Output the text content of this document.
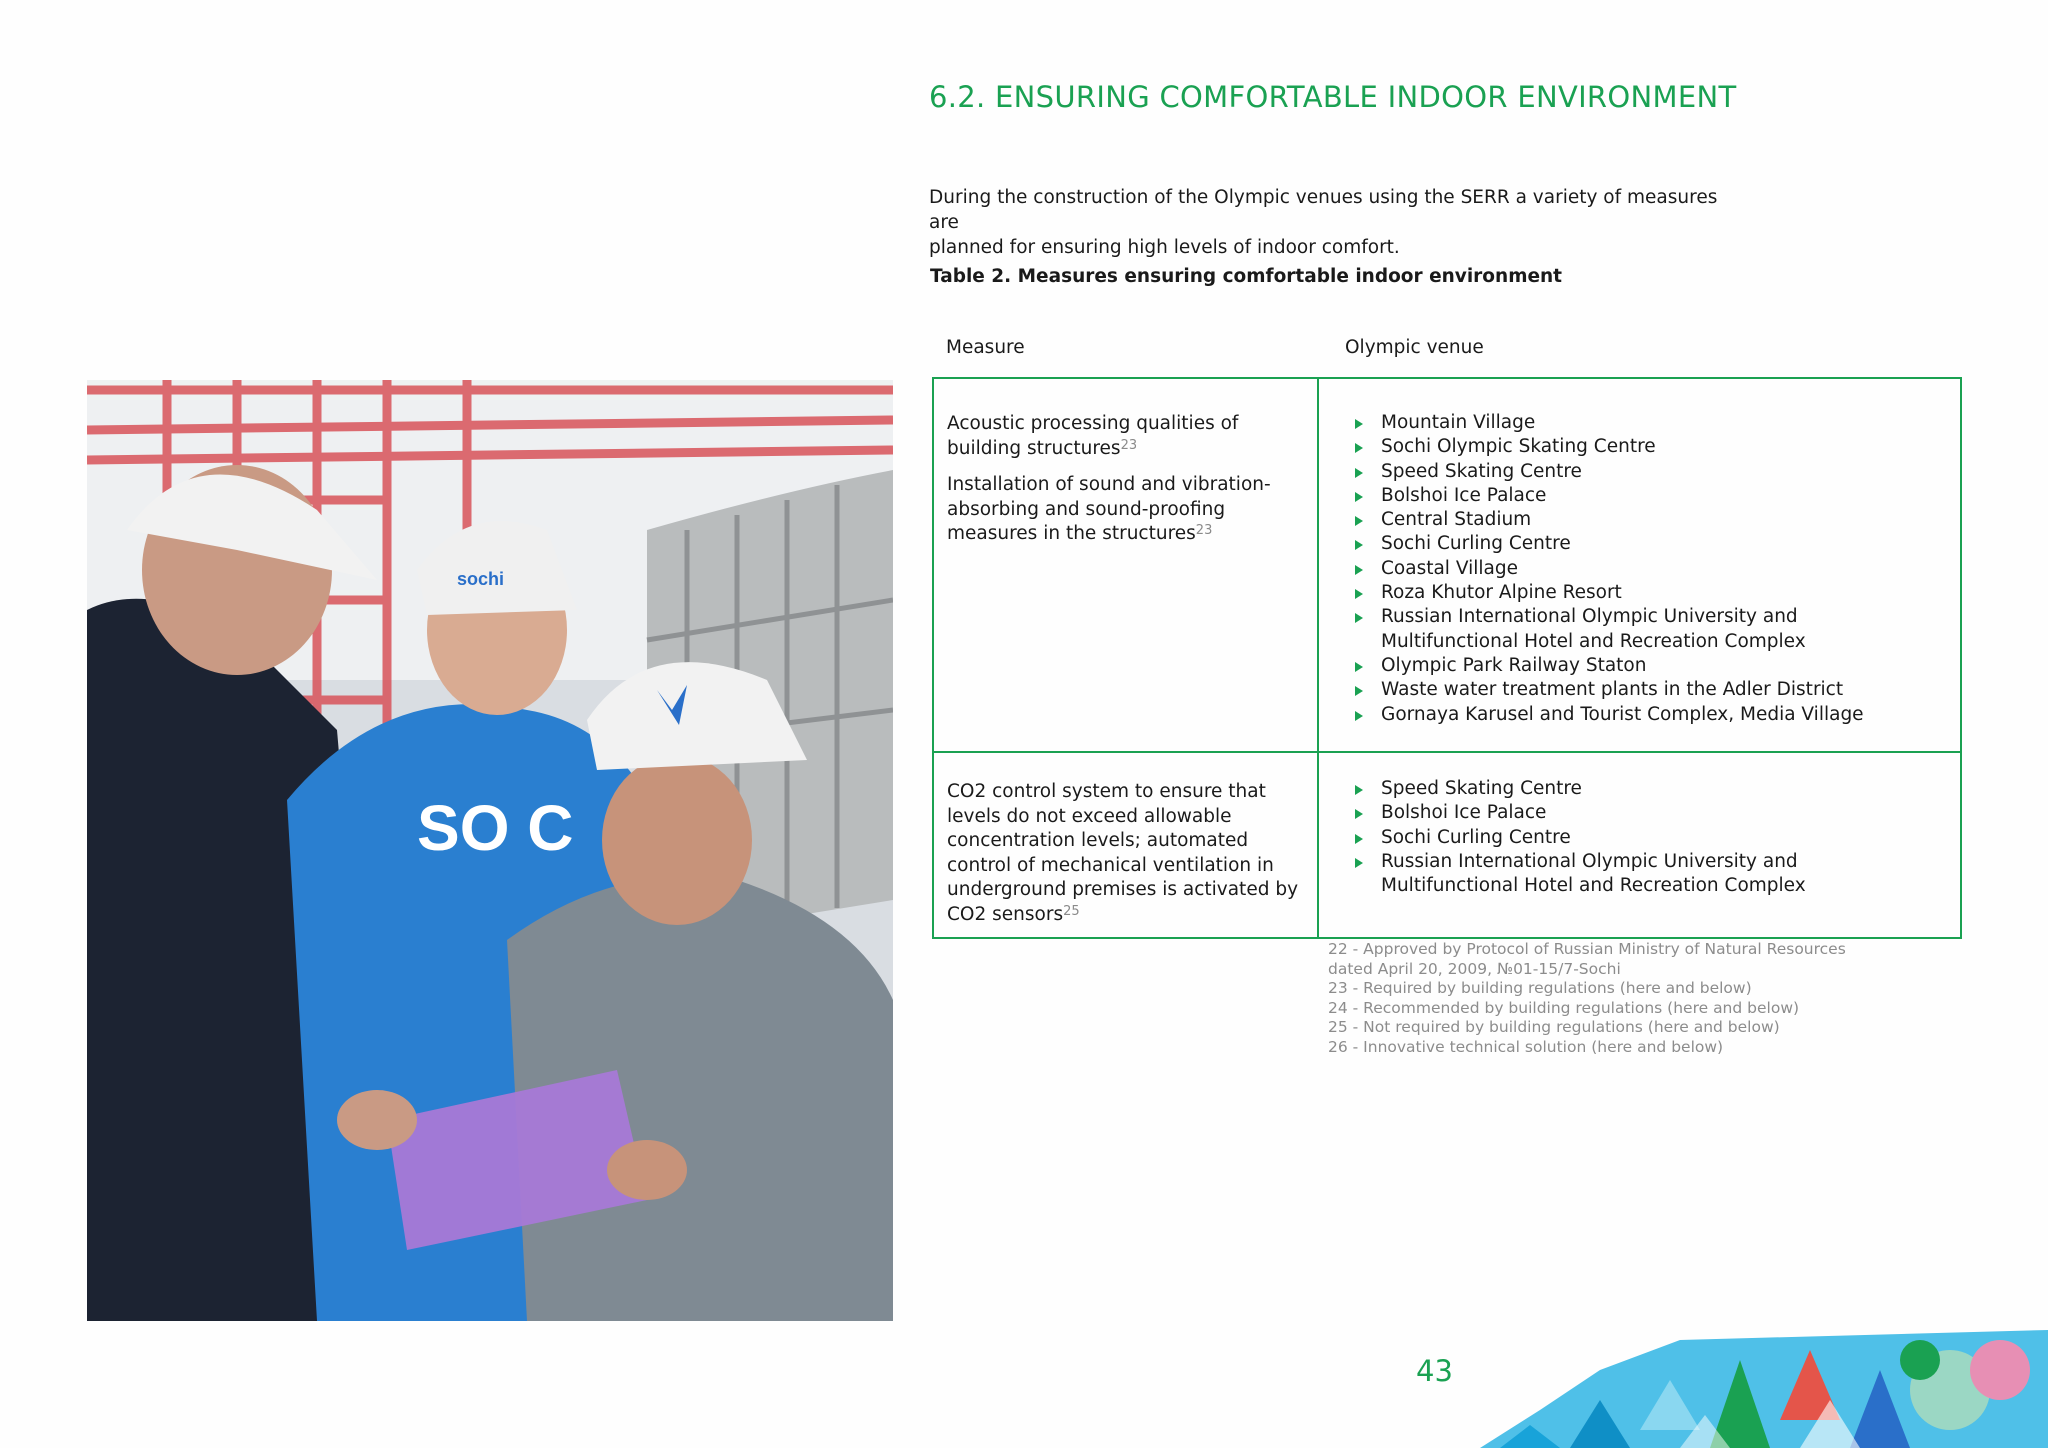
SO C
sochi
6.2. ENSURING COMFORTABLE INDOOR ENVIRONMENT

During the construction of the Olympic venues using the SERR a variety of measures are
planned for ensuring high levels of indoor comfort.

Table 2. Measures ensuring comfortable indoor environment

Measure	Olympic venue

Acoustic processing qualities of building structures$^{23}$

Installation of sound and vibration-absorbing and sound-proofing measures in the structures$^{23}$

Mountain Village
Sochi Olympic Skating Centre
Speed Skating Centre
Bolshoi Ice Palace
Central Stadium
Sochi Curling Centre
Coastal Village
Roza Khutor Alpine Resort
Russian International Olympic University and Multifunctional Hotel and Recreation Complex
Olympic Park Railway Staton
Waste water treatment plants in the Adler District
Gornaya Karusel and Tourist Complex, Media Village

CO2 control system to ensure that levels do not exceed allowable concentration levels; automated control of mechanical ventilation in underground premises is activated by CO2 sensors$^{25}$

Speed Skating Centre
Bolshoi Ice Palace
Sochi Curling Centre
Russian International Olympic University and Multifunctional Hotel and Recreation Complex
22 - Approved by Protocol of Russian Ministry of Natural Resources
dated April 20, 2009, №01-15/7-Sochi
23 - Required by building regulations (here and below)
24 - Recommended by building regulations (here and below)
25 - Not required by building regulations (here and below)
26 - Innovative technical solution (here and below)
43
